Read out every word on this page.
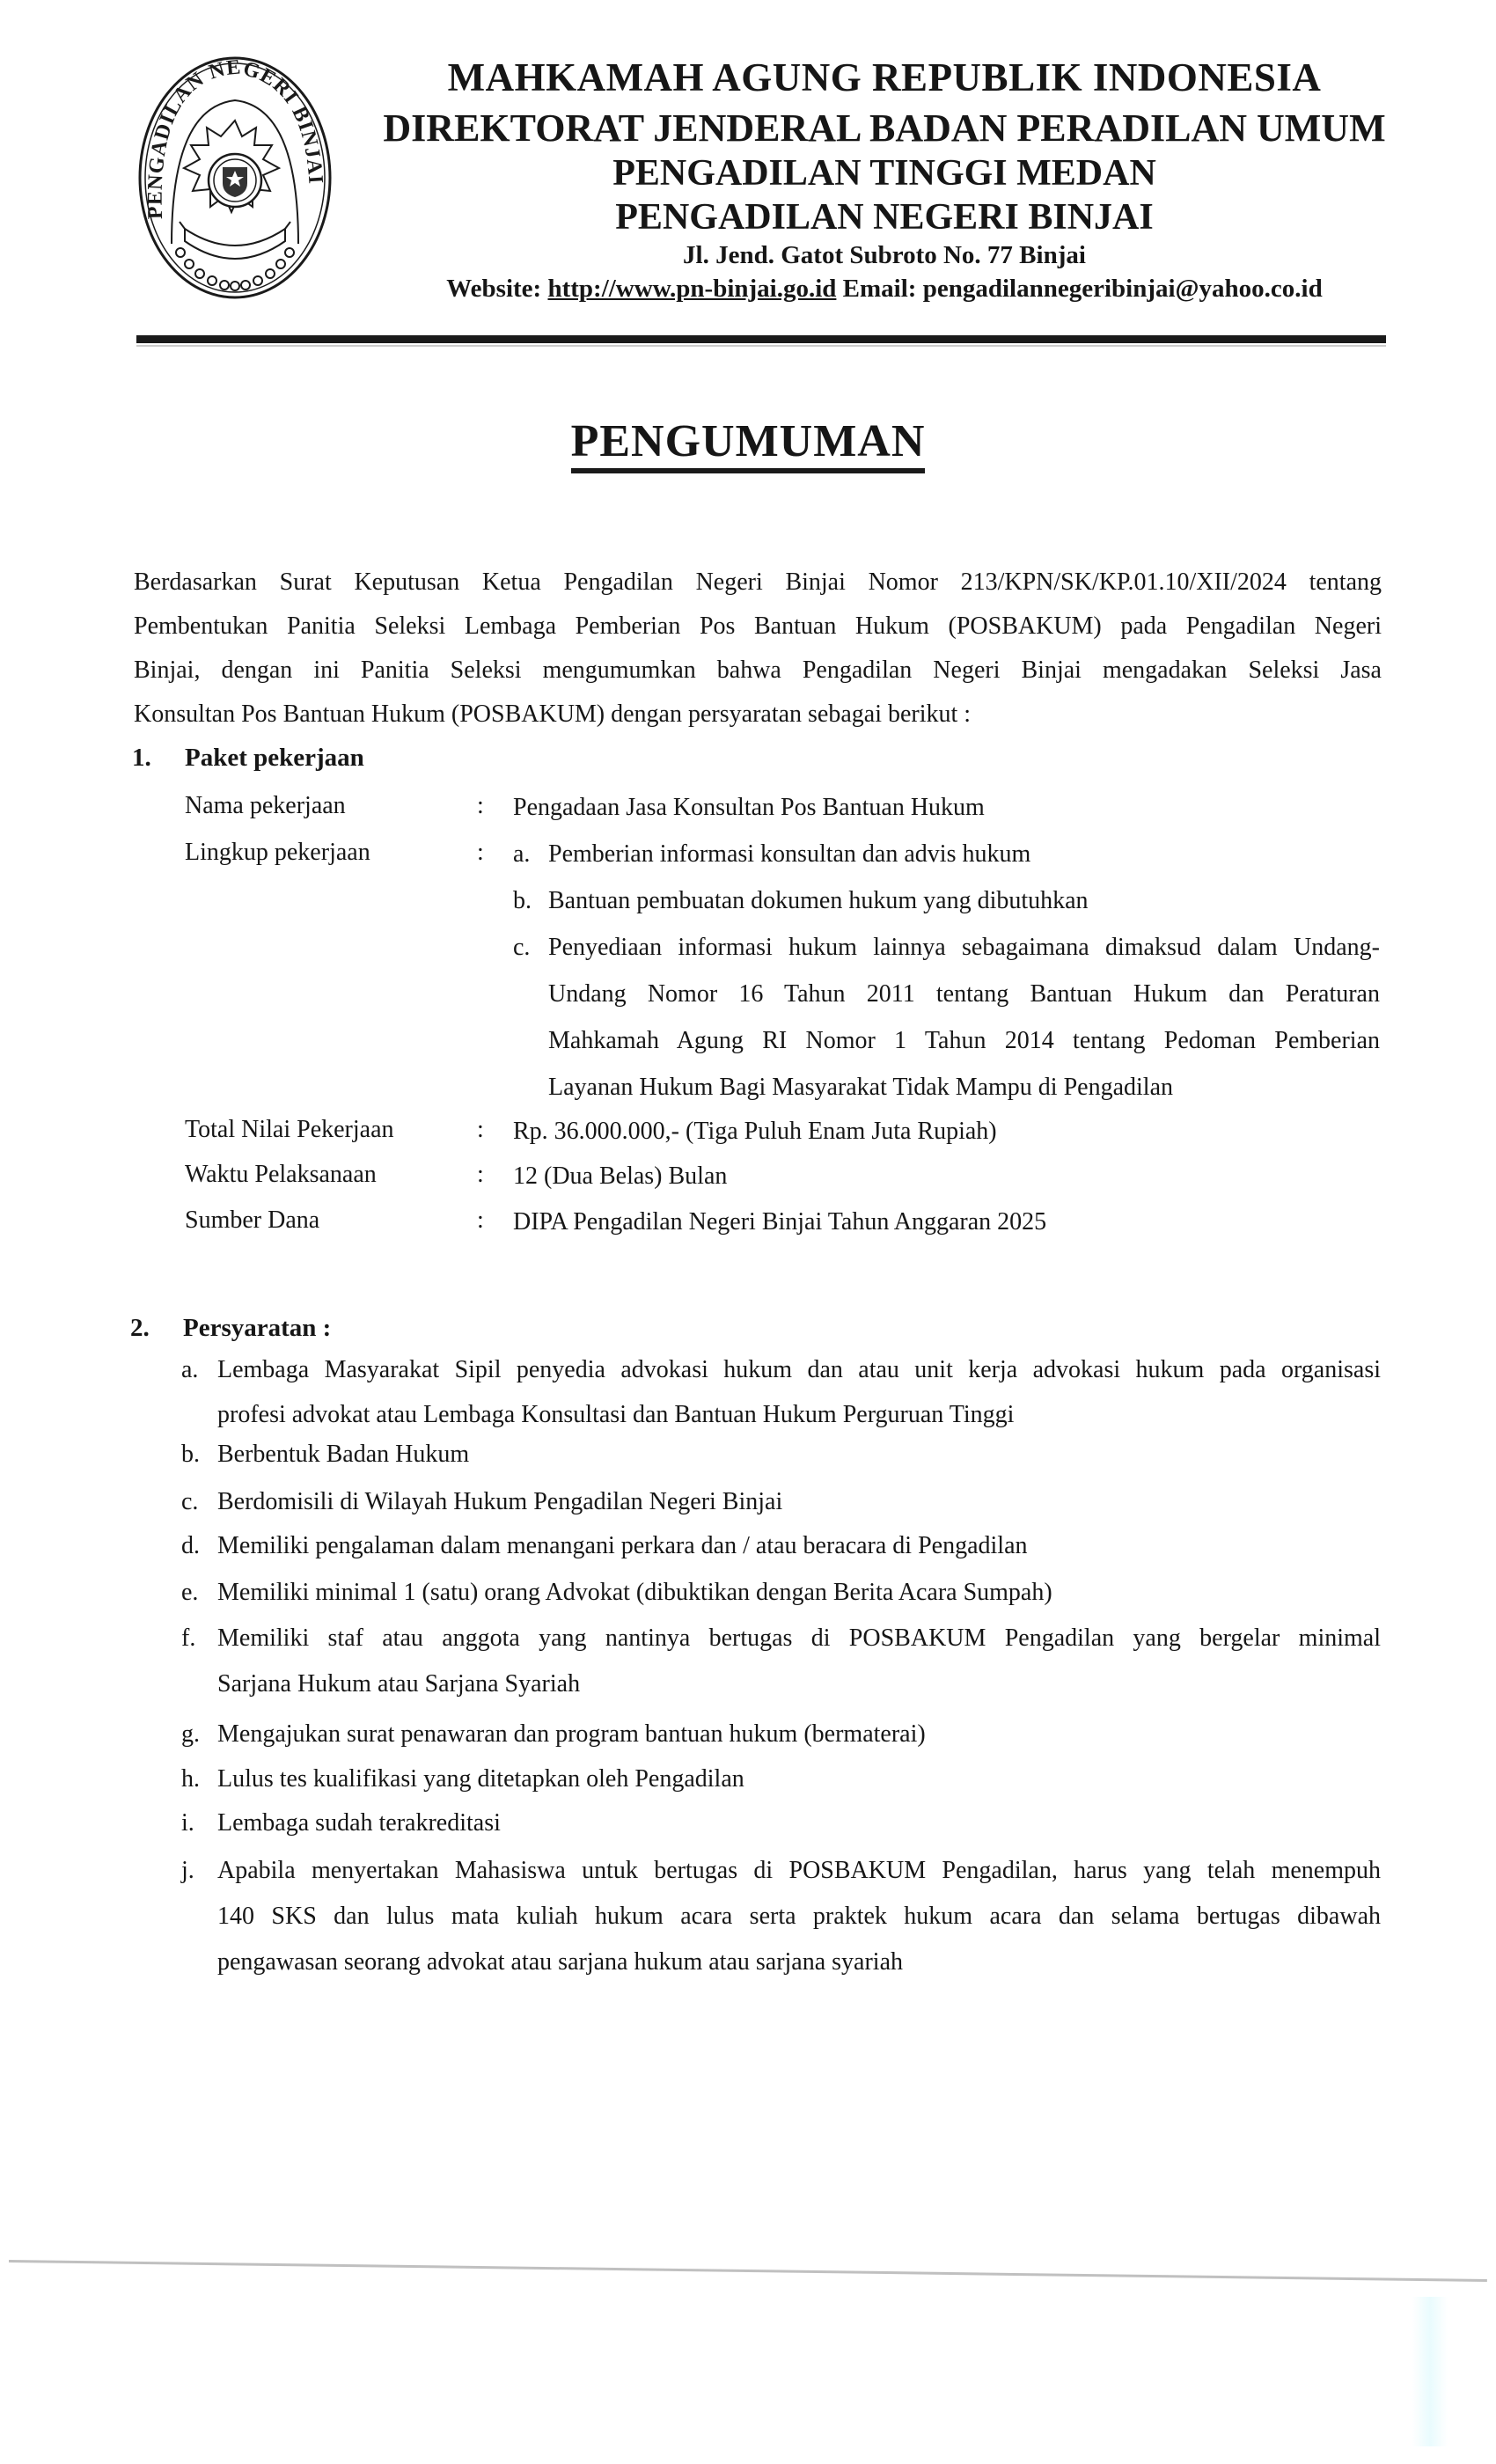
PENGADILAN NEGERI BINJAI
MAHKAMAH AGUNG REPUBLIK INDONESIA
DIREKTORAT JENDERAL BADAN PERADILAN UMUM
PENGADILAN TINGGI MEDAN
PENGADILAN NEGERI BINJAI
Jl. Jend. Gatot Subroto No. 77 Binjai
Website: http://www.pn-binjai.go.id Email: pengadilannegeribinjai@yahoo.co.id
PENGUMUMAN
Berdasarkan Surat Keputusan Ketua Pengadilan Negeri Binjai Nomor 213/KPN/SK/KP.01.10/XII/2024 tentang
Pembentukan Panitia Seleksi Lembaga Pemberian Pos Bantuan Hukum (POSBAKUM) pada Pengadilan Negeri
Binjai, dengan ini Panitia Seleksi mengumumkan bahwa Pengadilan Negeri Binjai mengadakan Seleksi Jasa
Konsultan Pos Bantuan Hukum (POSBAKUM) dengan persyaratan sebagai berikut :
1. Paket pekerjaan
Nama pekerjaan	: Pengadaan Jasa Konsultan Pos Bantuan Hukum
Lingkup pekerjaan	: a. Pemberian informasi konsultan dan advis hukum
b. Bantuan pembuatan dokumen hukum yang dibutuhkan
c. Penyediaan informasi hukum lainnya sebagaimana dimaksud dalam Undang-
Undang Nomor 16 Tahun 2011 tentang Bantuan Hukum dan Peraturan
Mahkamah Agung RI Nomor 1 Tahun 2014 tentang Pedoman Pemberian
Layanan Hukum Bagi Masyarakat Tidak Mampu di Pengadilan
Total Nilai Pekerjaan	: Rp. 36.000.000,- (Tiga Puluh Enam Juta Rupiah)
Waktu Pelaksanaan	: 12 (Dua Belas) Bulan
Sumber Dana	: DIPA Pengadilan Negeri Binjai Tahun Anggaran 2025
2. Persyaratan :
a. Lembaga Masyarakat Sipil penyedia advokasi hukum dan atau unit kerja advokasi hukum pada organisasi
profesi advokat atau Lembaga Konsultasi dan Bantuan Hukum Perguruan Tinggi
b. Berbentuk Badan Hukum
c. Berdomisili di Wilayah Hukum Pengadilan Negeri Binjai
d. Memiliki pengalaman dalam menangani perkara dan / atau beracara di Pengadilan
e. Memiliki minimal 1 (satu) orang Advokat (dibuktikan dengan Berita Acara Sumpah)
f. Memiliki staf atau anggota yang nantinya bertugas di POSBAKUM Pengadilan yang bergelar minimal
Sarjana Hukum atau Sarjana Syariah
g. Mengajukan surat penawaran dan program bantuan hukum (bermaterai)
h. Lulus tes kualifikasi yang ditetapkan oleh Pengadilan
i. Lembaga sudah terakreditasi
j. Apabila menyertakan Mahasiswa untuk bertugas di POSBAKUM Pengadilan, harus yang telah menempuh
140 SKS dan lulus mata kuliah hukum acara serta praktek hukum acara dan selama bertugas dibawah
pengawasan seorang advokat atau sarjana hukum atau sarjana syariah
